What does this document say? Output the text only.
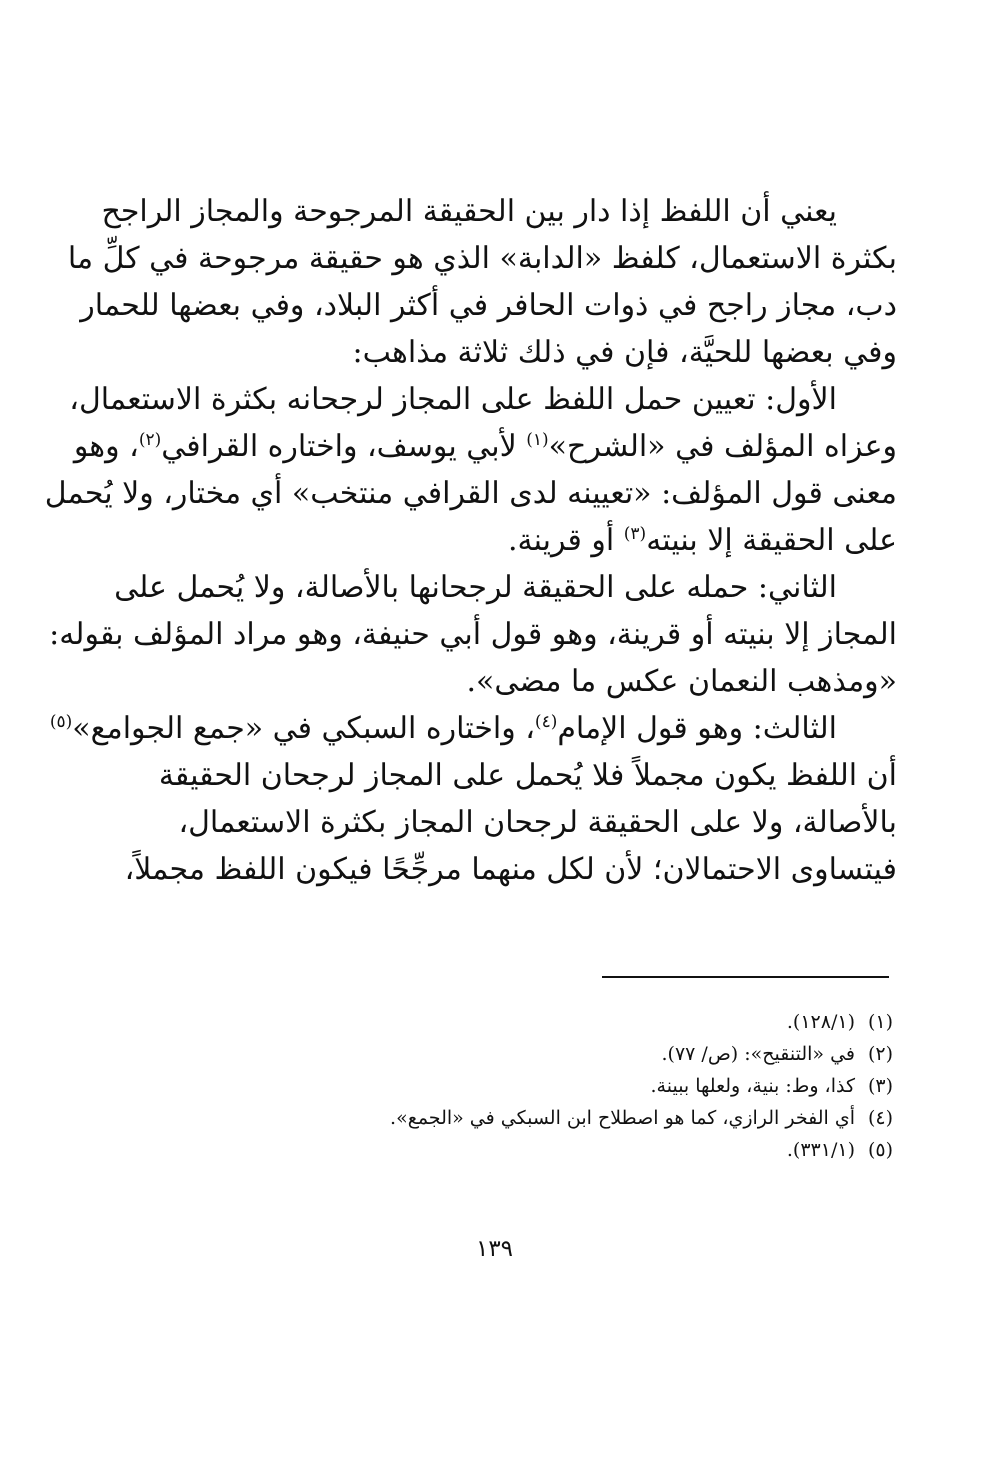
يعني أن اللفظ إذا دار بين الحقيقة المرجوحة والمجاز الراجح
بكثرة الاستعمال، كلفظ «الدابة» الذي هو حقيقة مرجوحة في كلِّ ما
دب، مجاز راجح في ذوات الحافر في أكثر البلاد، وفي بعضها للحمار
وفي بعضها للحيَّة، فإن في ذلك ثلاثة مذاهب:
الأول: تعيين حمل اللفظ على المجاز لرجحانه بكثرة الاستعمال،
وعزاه المؤلف في «الشرح»$^{(١)}$ لأبي يوسف، واختاره القرافي$^{(٢)}$، وهو
معنى قول المؤلف: «تعيينه لدى القرافي منتخب» أي مختار، ولا يُحمل
على الحقيقة إلا بنيته$^{(٣)}$ أو قرينة.
الثاني: حمله على الحقيقة لرجحانها بالأصالة، ولا يُحمل على
المجاز إلا بنيته أو قرينة، وهو قول أبي حنيفة، وهو مراد المؤلف بقوله:
«ومذهب النعمان عكس ما مضى».
الثالث: وهو قول الإمام$^{(٤)}$، واختاره السبكي في «جمع الجوامع»$^{(٥)}$
أن اللفظ يكون مجملاً فلا يُحمل على المجاز لرجحان الحقيقة
بالأصالة، ولا على الحقيقة لرجحان المجاز بكثرة الاستعمال،
فيتساوى الاحتمالان؛ لأن لكل منهما مرجِّحًا فيكون اللفظ مجملاً،
(١)(١٢٨/١).
(٢)في «التنقيح»: (ص/ ٧٧).
(٣)كذا، وط: بنية، ولعلها ببينة.
(٤)أي الفخر الرازي، كما هو اصطلاح ابن السبكي في «الجمع».
(٥)(٣٣١/١).
١٣٩
